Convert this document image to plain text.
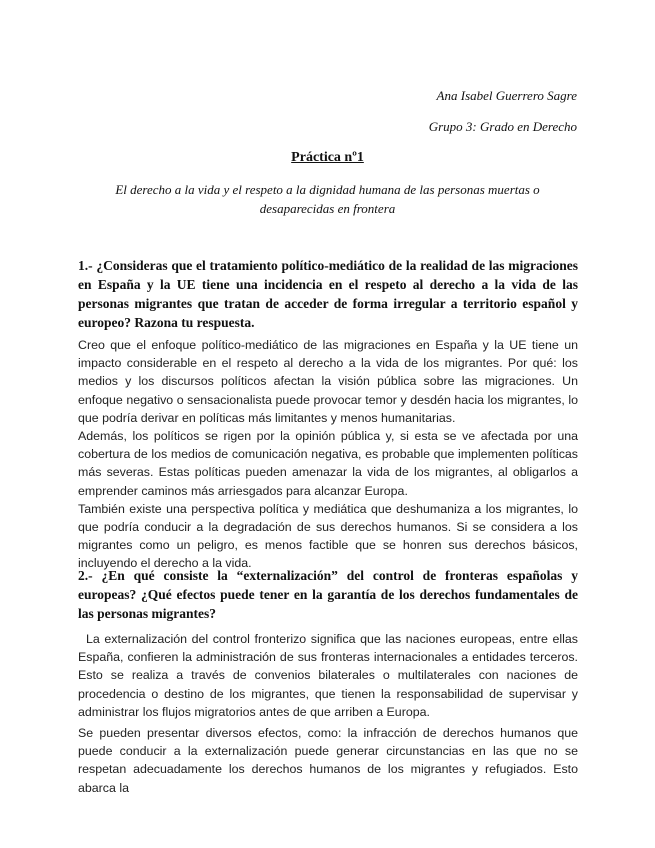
Ana Isabel Guerrero Sagre
Grupo 3: Grado en Derecho
Práctica nº1
El derecho a la vida y el respeto a la dignidad humana de las personas muertas o desaparecidas en frontera
1.- ¿Consideras que el tratamiento político-mediático de la realidad de las migraciones en España y la UE tiene una incidencia en el respeto al derecho a la vida de las personas migrantes que tratan de acceder de forma irregular a territorio español y europeo? Razona tu respuesta.

Creo que el enfoque político-mediático de las migraciones en España y la UE tiene un impacto considerable en el respeto al derecho a la vida de los migrantes. Por qué: los medios y los discursos políticos afectan la visión pública sobre las migraciones. Un enfoque negativo o sensacionalista puede provocar temor y desdén hacia los migrantes, lo que podría derivar en políticas más limitantes y menos humanitarias.

Además, los políticos se rigen por la opinión pública y, si esta se ve afectada por una cobertura de los medios de comunicación negativa, es probable que implementen políticas más severas. Estas políticas pueden amenazar la vida de los migrantes, al obligarlos a emprender caminos más arriesgados para alcanzar Europa.

También existe una perspectiva política y mediática que deshumaniza a los migrantes, lo que podría conducir a la degradación de sus derechos humanos. Si se considera a los migrantes como un peligro, es menos factible que se honren sus derechos básicos, incluyendo el derecho a la vida.

2.- ¿En qué consiste la “externalización” del control de fronteras españolas y europeas? ¿Qué efectos puede tener en la garantía de los derechos fundamentales de las personas migrantes?

La externalización del control fronterizo significa que las naciones europeas, entre ellas España, confieren la administración de sus fronteras internacionales a entidades terceros. Esto se realiza a través de convenios bilaterales o multilaterales con naciones de procedencia o destino de los migrantes, que tienen la responsabilidad de supervisar y administrar los flujos migratorios antes de que arriben a Europa.

Se pueden presentar diversos efectos, como: la infracción de derechos humanos que puede conducir a la externalización puede generar circunstancias en las que no se respetan adecuadamente los derechos humanos de los migrantes y refugiados. Esto abarca la
